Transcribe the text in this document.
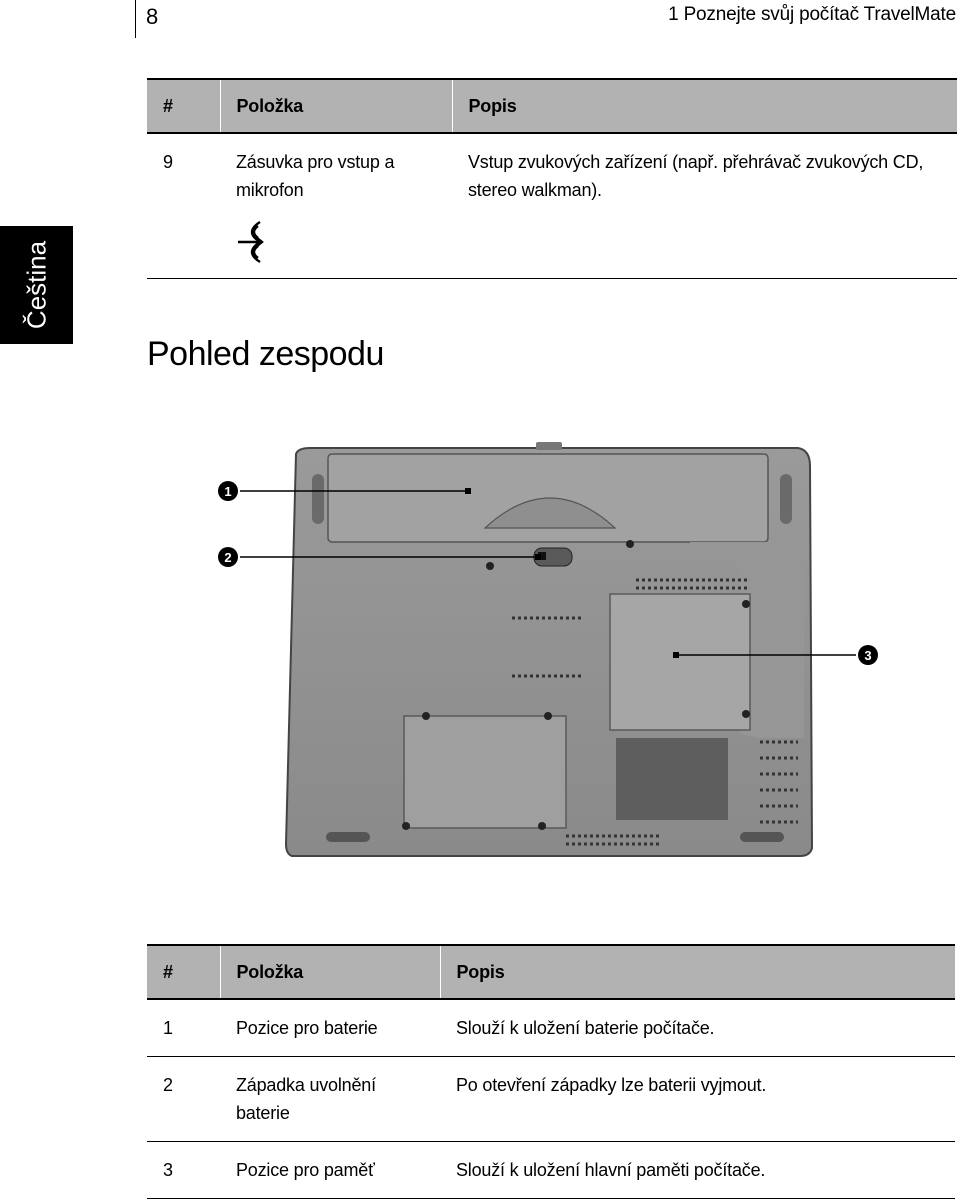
8	1 Poznejte svůj počítač TravelMate
Čeština
#	Položka	Popis
9	Zásuvka pro vstup a mikrofon	Vstup zvukových zařízení (např. přehrávač zvukových CD, stereo walkman).
Pohled zespodu
1
2
3
#	Položka	Popis
1	Pozice pro baterie	Slouží k uložení baterie počítače.
2	Západka uvolnění baterie	Po otevření západky lze baterii vyjmout.
3	Pozice pro paměť	Slouží k uložení hlavní paměti počítače.
